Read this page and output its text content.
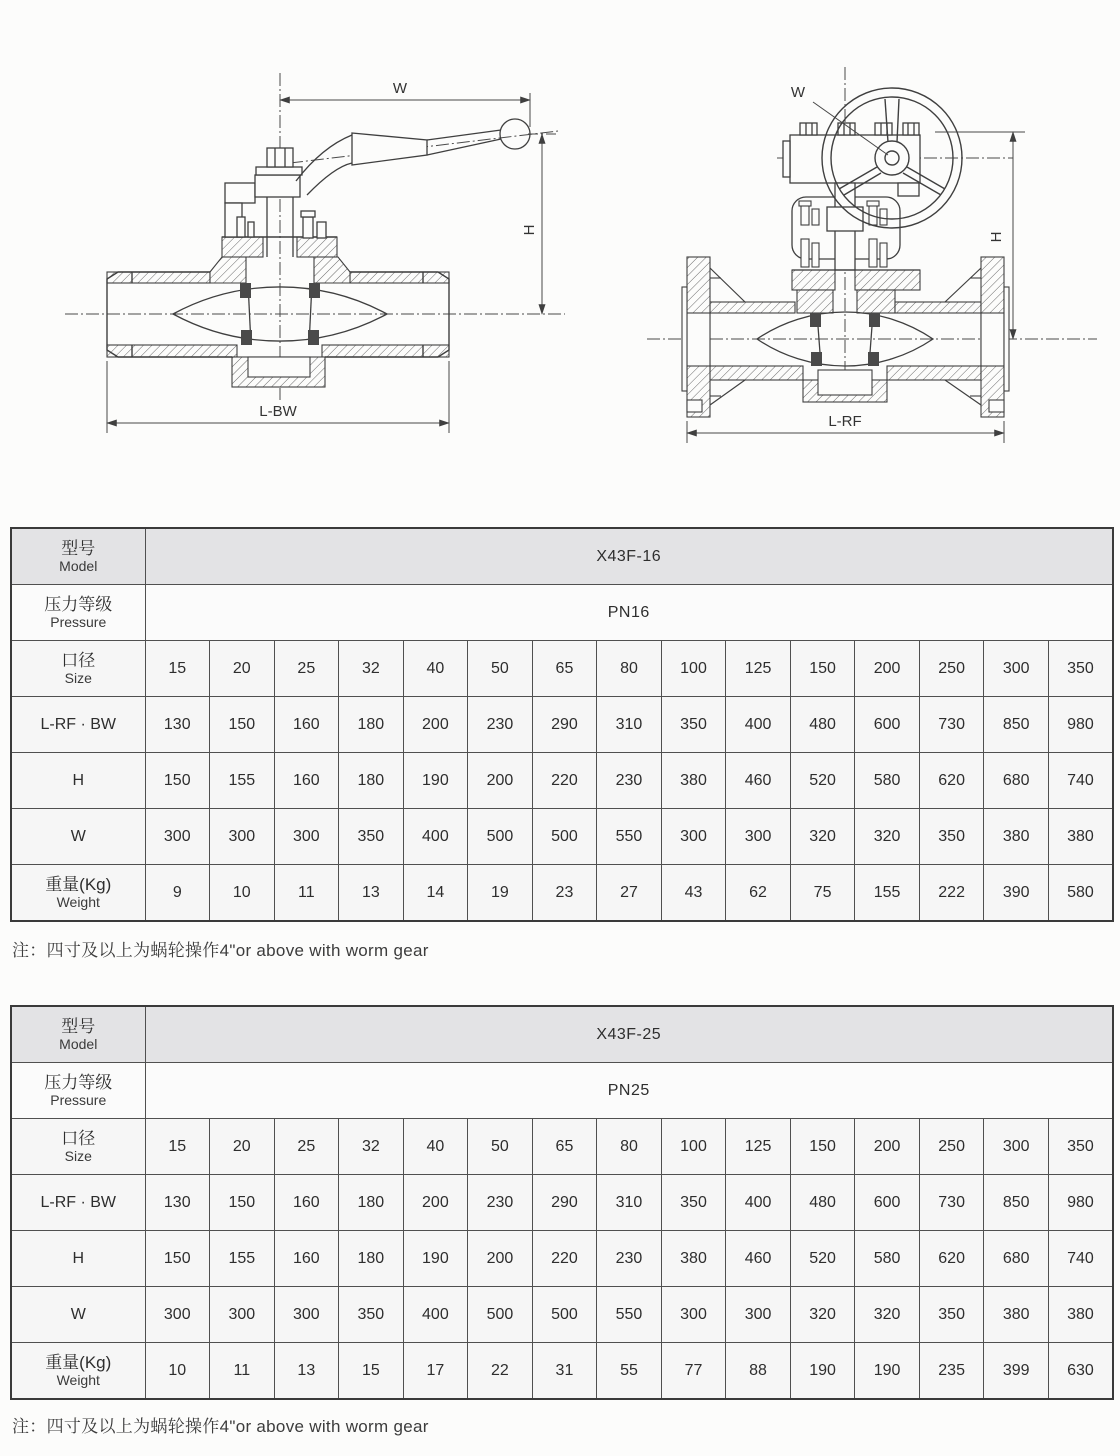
W
H
L-BW
W
H
L-RF
型号
Model	X43F-16														

压力等级
Pressure	PN16														

口径
Size	15	20	25	32	40	50	65	80	100	125	150	200	250	300	350
L-RF · BW	130	150	160	180	200	230	290	310	350	400	480	600	730	850	980
H	150	155	160	180	190	200	220	230	380	460	520	580	620	680	740
W	300	300	300	350	400	500	500	550	300	300	320	320	350	380	380

重量(Kg)
Weight	9	10	11	13	14	19	23	27	43	62	75	155	222	390	580
注：四寸及以上为蜗轮操作4"or above with worm gear
型号
Model	X43F-25														

压力等级
Pressure	PN25														

口径
Size	15	20	25	32	40	50	65	80	100	125	150	200	250	300	350
L-RF · BW	130	150	160	180	200	230	290	310	350	400	480	600	730	850	980
H	150	155	160	180	190	200	220	230	380	460	520	580	620	680	740
W	300	300	300	350	400	500	500	550	300	300	320	320	350	380	380

重量(Kg)
Weight	10	11	13	15	17	22	31	55	77	88	190	190	235	399	630
注：四寸及以上为蜗轮操作4"or above with worm gear
